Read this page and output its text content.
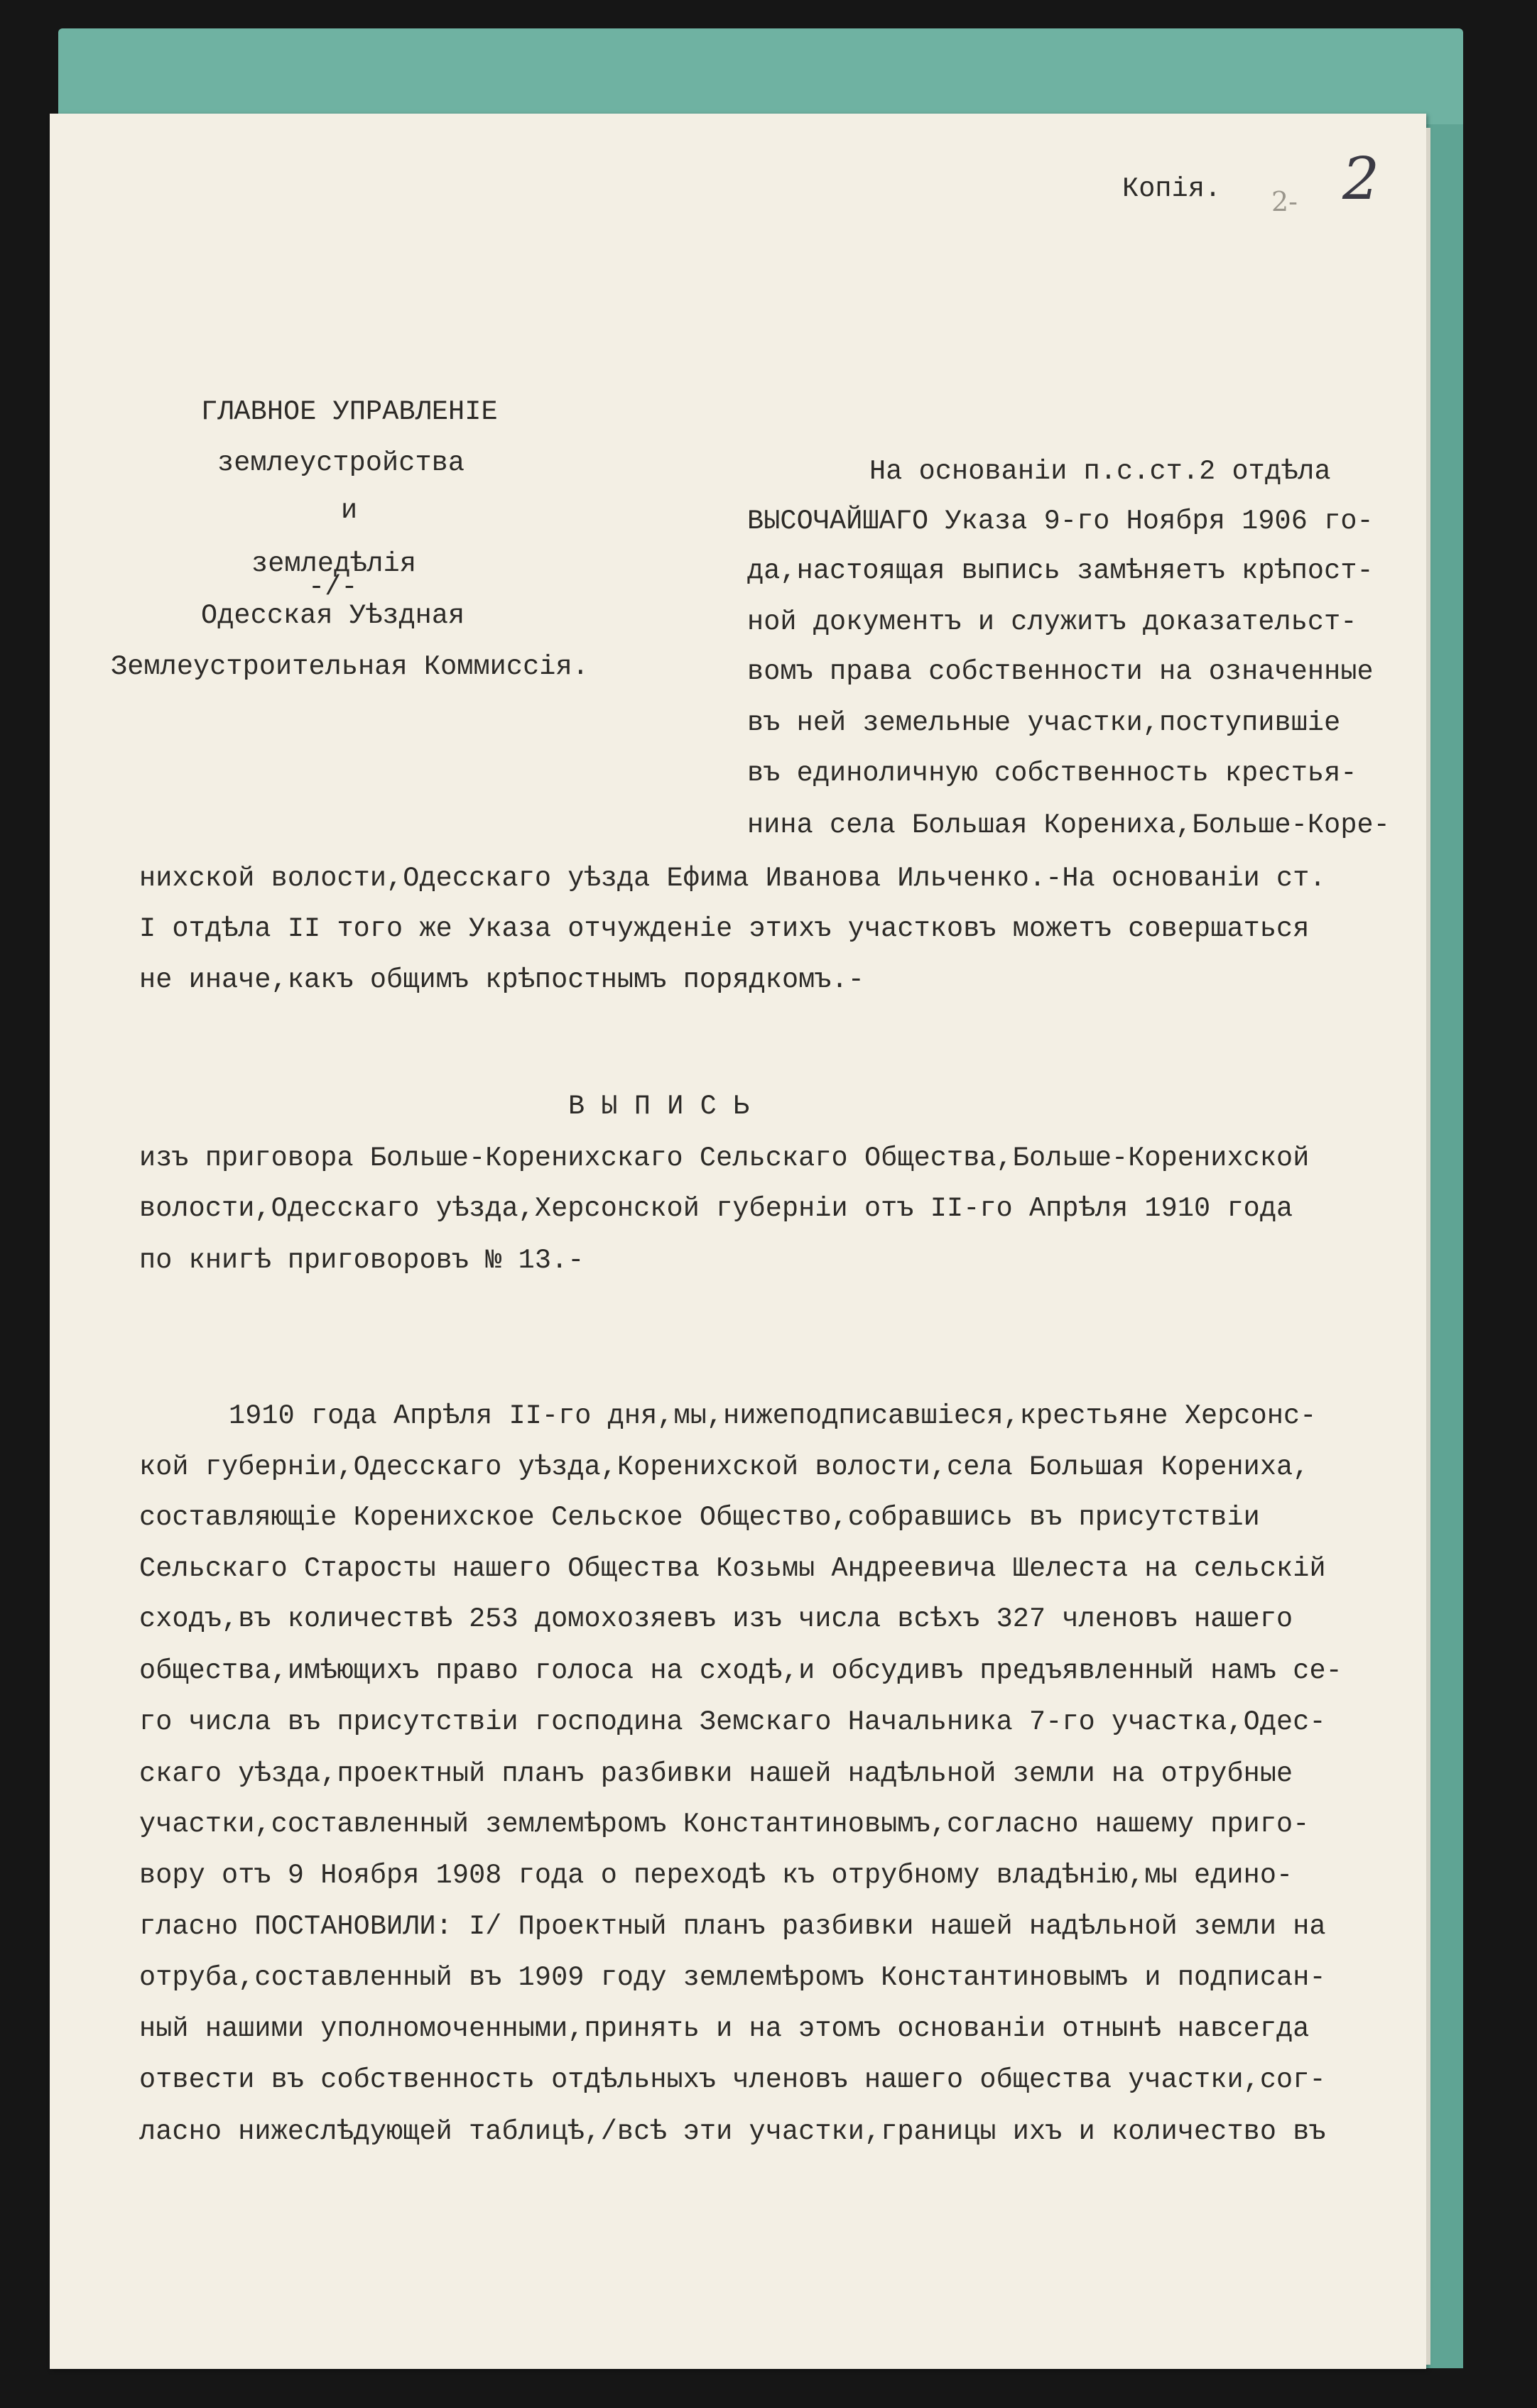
Копія. 2- 2
ГЛАВНОЕ УПРАВЛЕНІЕ
землеустройства
и
земледѣлія
-/-
Одесская Уѣздная
Землеустроительная Коммиссія.
На основаніи п.с.ст.2 отдѣла
ВЫСОЧАЙШАГО Указа 9-го Ноября 1906 го-
да,настоящая выпись замѣняетъ крѣпост-
ной документъ и служитъ доказательст-
вомъ права собственности на означенные
въ ней земельные участки,поступившіе
въ единоличную собственность крестья-
нина села Большая Корениха,Больше-Коре-
нихской волости,Одесскаго уѣзда Ефима Иванова Ильченко.-На основаніи ст.
I отдѣла II того же Указа отчужденіе этихъ участковъ можетъ совершаться
не иначе,какъ общимъ крѣпостнымъ порядкомъ.-
В Ы П И С Ь
изъ приговора Больше-Коренихскаго Сельскаго Общества,Больше-Коренихской
волости,Одесскаго уѣзда,Херсонской губерніи отъ II-го Апрѣля 1910 года
по книгѣ приговоровъ № 13.-
1910 года Апрѣля II-го дня,мы,нижеподписавшіеся,крестьяне Херсонс-
кой губерніи,Одесскаго уѣзда,Коренихской волости,села Большая Корениха,
составляющіе Коренихское Сельское Общество,собравшись въ присутствіи
Сельскаго Старосты нашего Общества Козьмы Андреевича Шелеста на сельскій
сходъ,въ количествѣ 253 домохозяевъ изъ числа всѣхъ 327 членовъ нашего
общества,имѣющихъ право голоса на сходѣ,и обсудивъ предъявленный намъ се-
го числа въ присутствіи господина Земскаго Начальника 7-го участка,Одес-
скаго уѣзда,проектный планъ разбивки нашей надѣльной земли на отрубные
участки,составленный землемѣромъ Константиновымъ,согласно нашему приго-
вору отъ 9 Ноября 1908 года о переходѣ къ отрубному владѣнію,мы едино-
гласно ПОСТАНОВИЛИ: I/ Проектный планъ разбивки нашей надѣльной земли на
отруба,составленный въ 1909 году землемѣромъ Константиновымъ и подписан-
ный нашими уполномоченными,принять и на этомъ основаніи отнынѣ навсегда
отвести въ собственность отдѣльныхъ членовъ нашего общества участки,сог-
ласно нижеслѣдующей таблицѣ,/всѣ эти участки,границы ихъ и количество въ
